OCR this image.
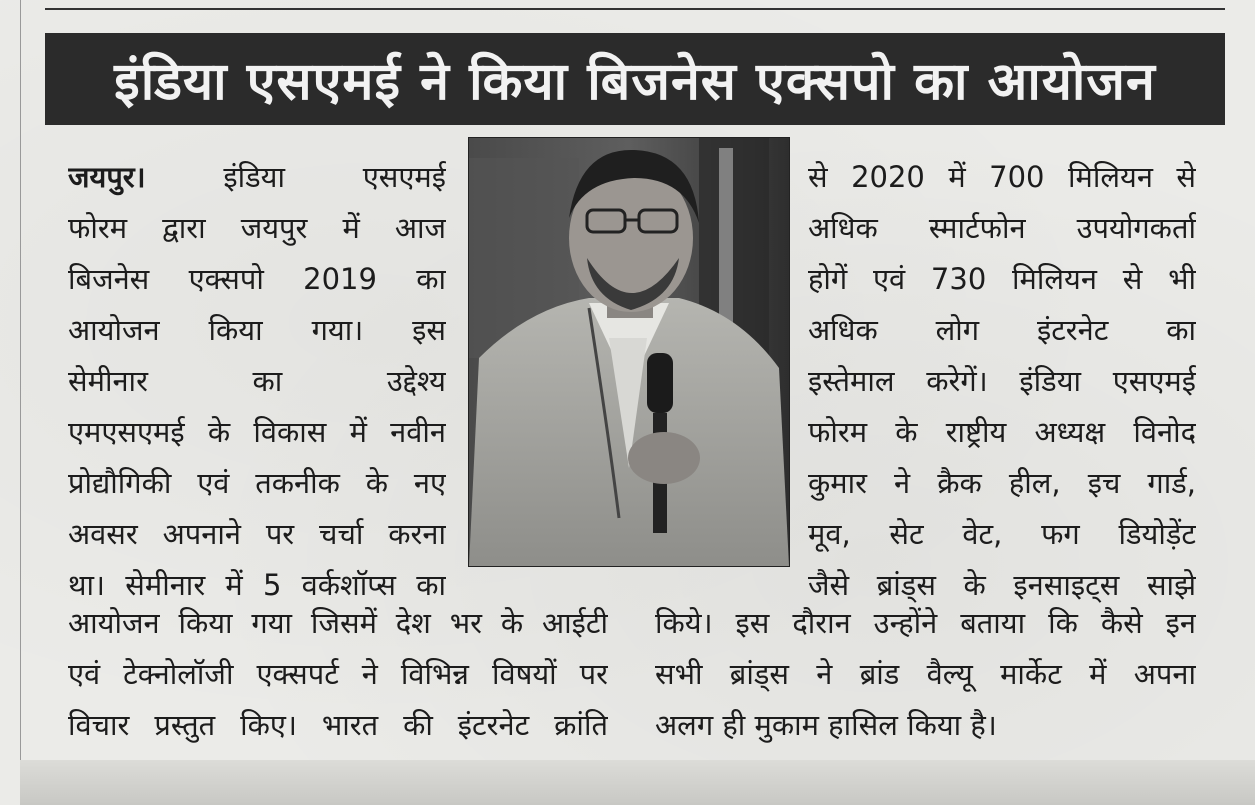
इंडिया एसएमई ने किया बिजनेस एक्सपो का आयोजन
जयपुर।	इंडिया एसएमई
फोरम द्वारा जयपुर में आज
बिजनेस एक्सपो 2019 का
आयोजन किया गया। इस
सेमीनार का उद्देश्य
एमएसएमई के विकास में नवीन
प्रोद्यौगिकी एवं तकनीक के नए
अवसर अपनाने पर चर्चा करना
था। सेमीनार में 5 वर्कशॉप्स का
से 2020 में 700 मिलियन से
अधिक स्मार्टफोन उपयोगकर्ता
होगें एवं 730 मिलियन से भी
अधिक लोग इंटरनेट का
इस्तेमाल करेगें। इंडिया एसएमई
फोरम के राष्ट्रीय अध्यक्ष विनोद
कुमार ने क्रैक हील, इच गार्ड,
मूव, सेट वेट, फग डियोड़ेंट
जैसे ब्रांड्स के इनसाइट्स साझे
आयोजन किया गया जिसमें देश भर के आईटी
एवं टेक्नोलॉजी एक्सपर्ट ने विभिन्न विषयों पर
विचार प्रस्तुत किए। भारत की इंटरनेट क्रांति
किये। इस दौरान उन्होंने बताया कि कैसे इन
सभी ब्रांड्स ने ब्रांड वैल्यू मार्केट में अपना
अलग ही मुकाम हासिल किया है।
